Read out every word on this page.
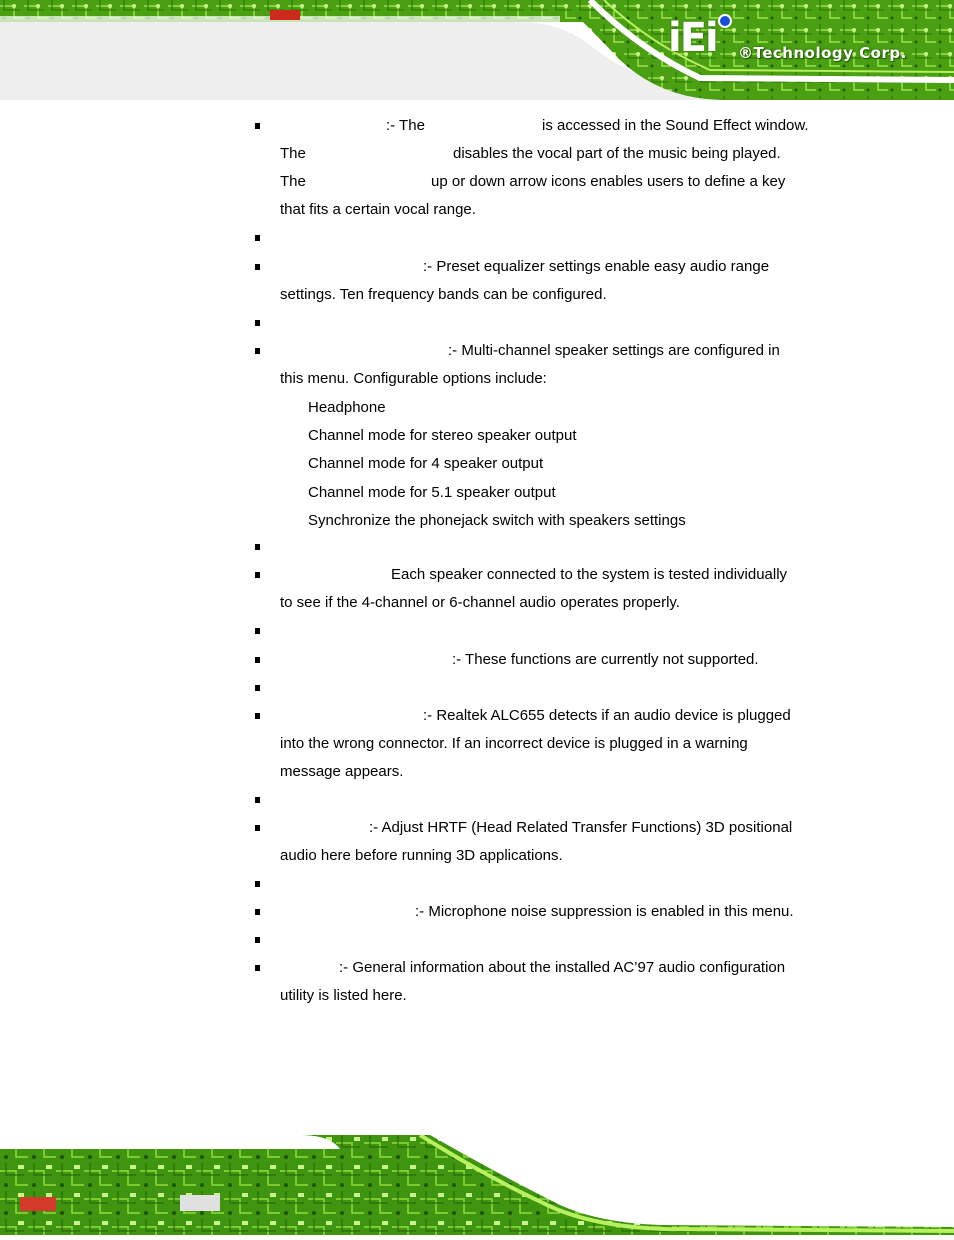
iEi ®Technology Corp.
:- The	is accessed in the Sound Effect window.
The	disables the vocal part of the music being played.
The	up or down arrow icons enables users to define a key
that fits a certain vocal range.
:- Preset equalizer settings enable easy audio range
settings. Ten frequency bands can be configured.
:- Multi-channel speaker settings are configured in
this menu. Configurable options include:
Headphone
Channel mode for stereo speaker output
Channel mode for 4 speaker output
Channel mode for 5.1 speaker output
Synchronize the phonejack switch with speakers settings
Each speaker connected to the system is tested individually
to see if the 4-channel or 6-channel audio operates properly.
:- These functions are currently not supported.
:- Realtek ALC655 detects if an audio device is plugged
into the wrong connector. If an incorrect device is plugged in a warning
message appears.
:- Adjust HRTF (Head Related Transfer Functions) 3D positional
audio here before running 3D applications.
:- Microphone noise suppression is enabled in this menu.
:- General information about the installed AC’97 audio configuration
utility is listed here.
